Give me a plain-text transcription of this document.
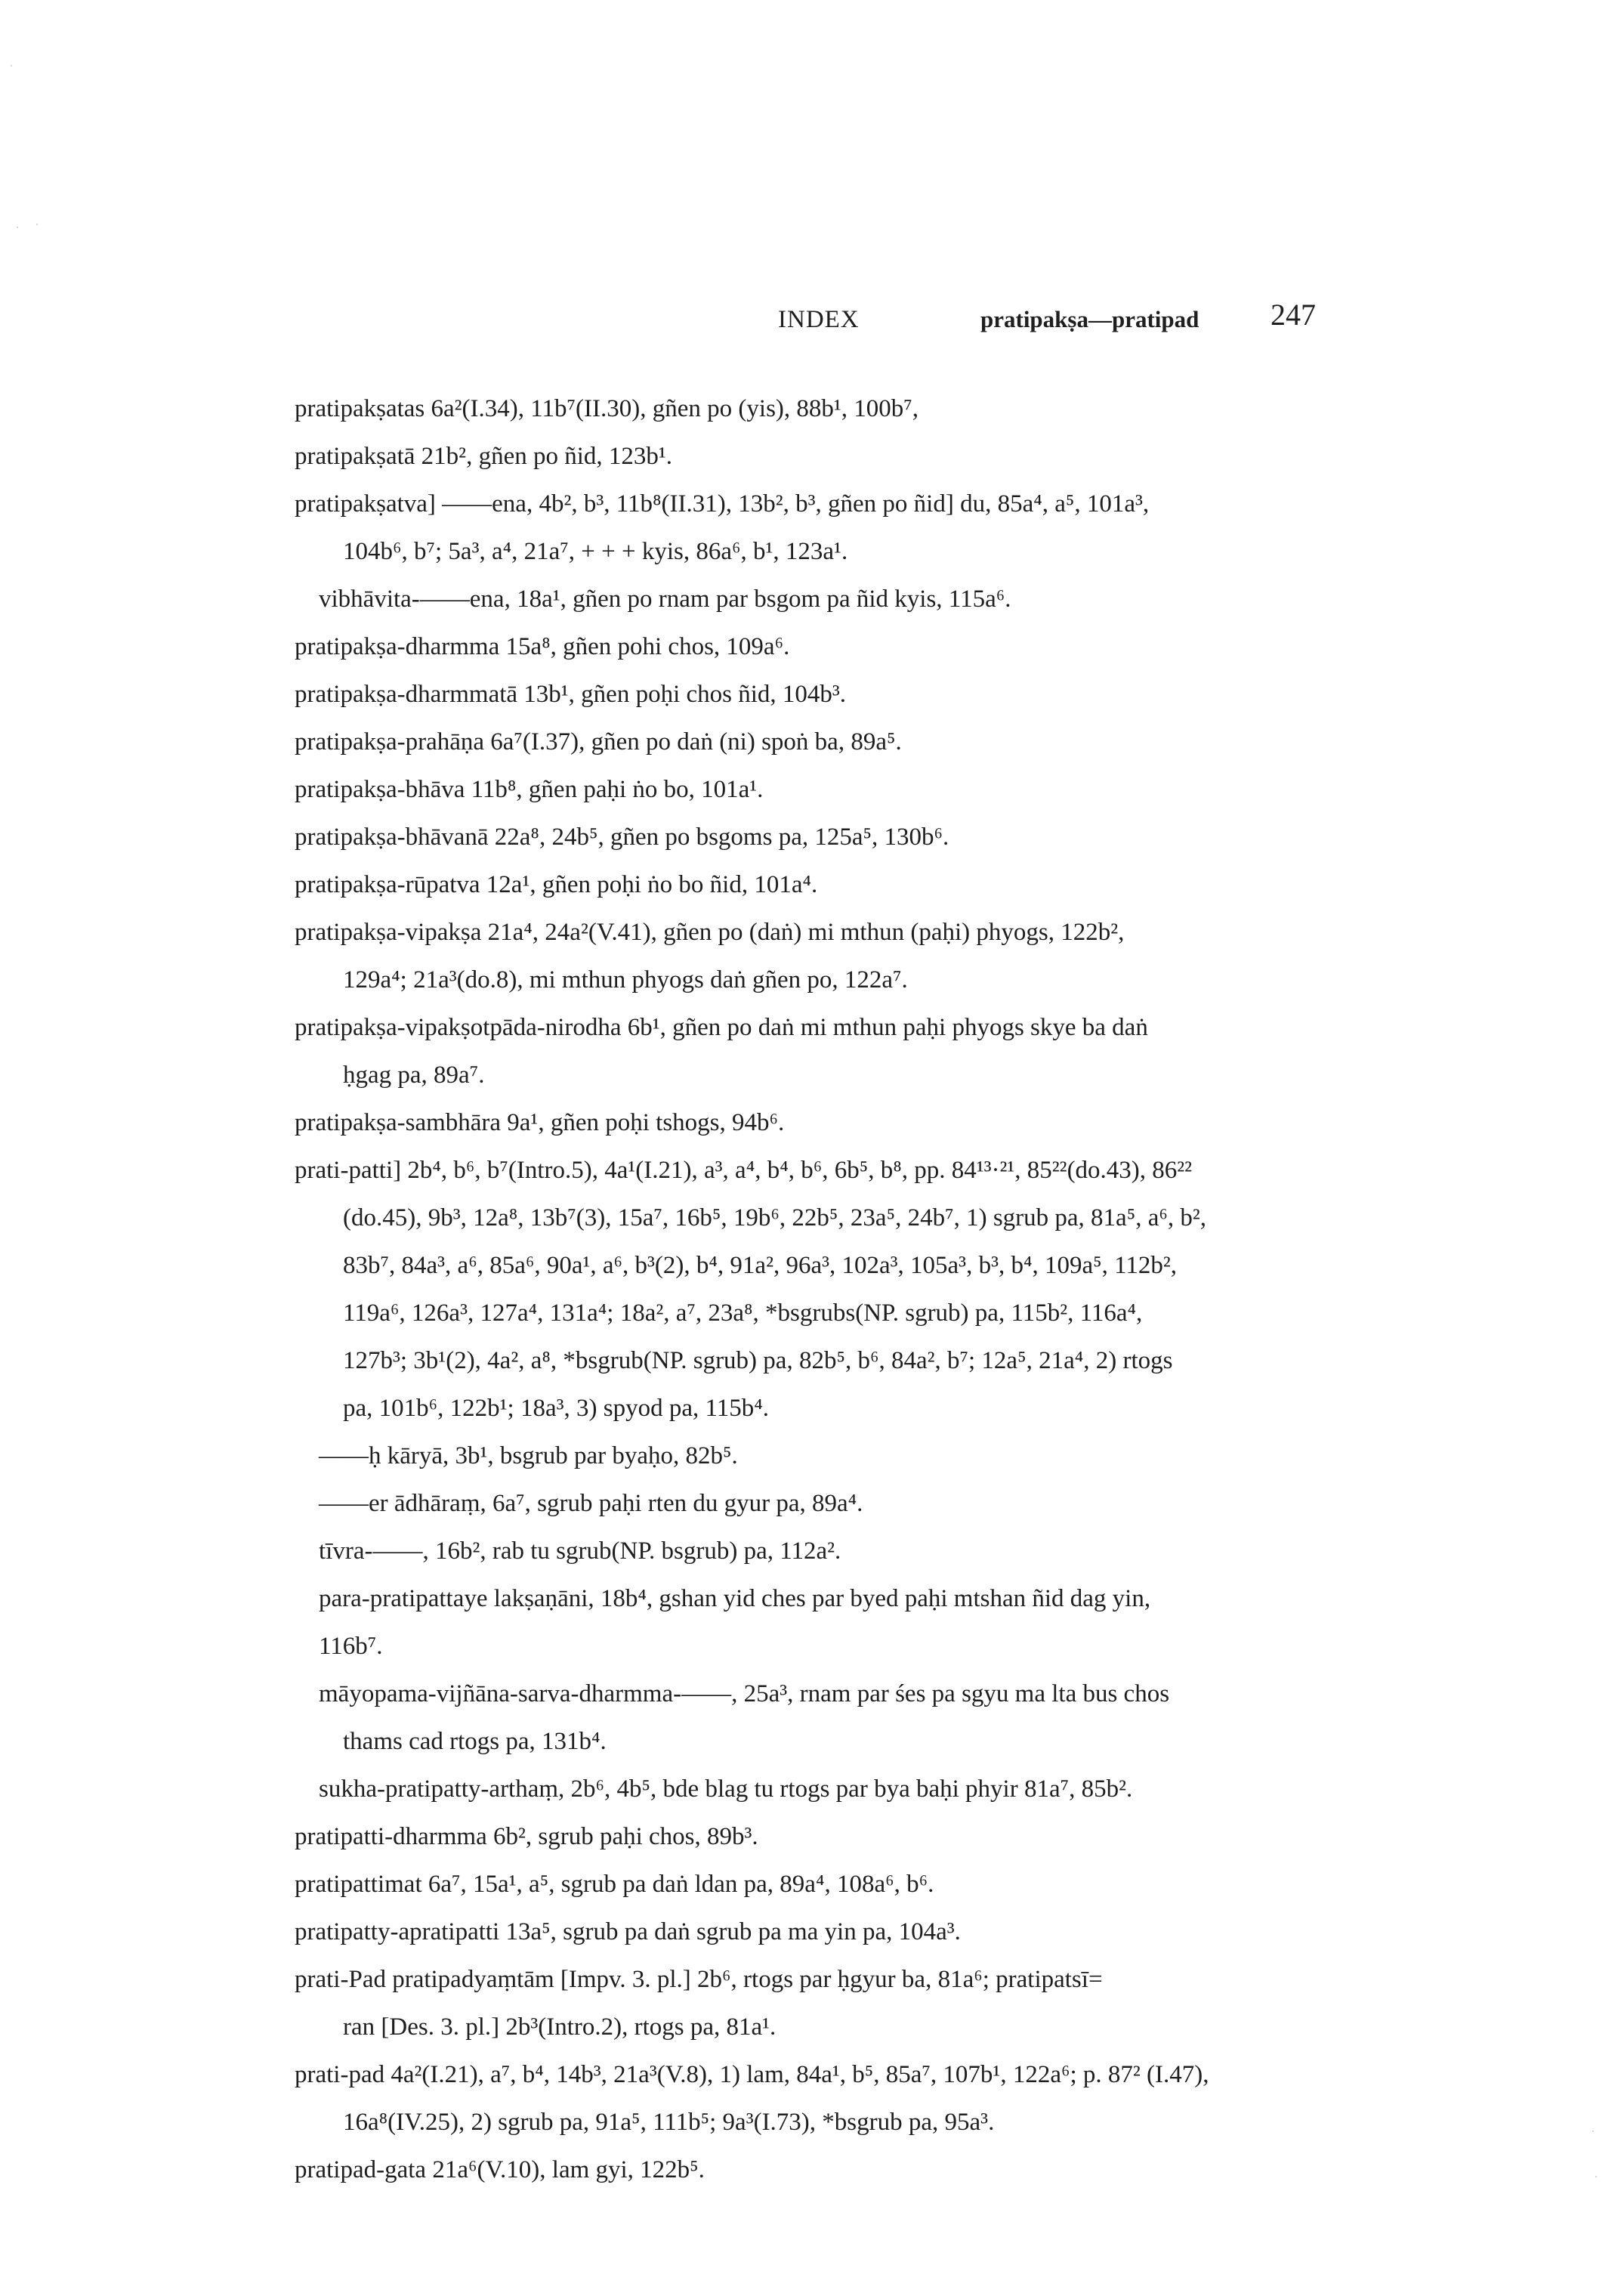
INDEX	pratipakṣa—pratipad 247
pratipakṣatas 6a²(I.34), 11b⁷(II.30), gñen po (yis), 88b¹, 100b⁷,
pratipakṣatā 21b², gñen po ñid, 123b¹.
pratipakṣatva] ——ena, 4b², b³, 11b⁸(II.31), 13b², b³, gñen po ñid] du, 85a⁴, a⁵, 101a³,
104b⁶, b⁷; 5a³, a⁴, 21a⁷, + + + kyis, 86a⁶, b¹, 123a¹.
vibhāvita-——ena, 18a¹, gñen po rnam par bsgom pa ñid kyis, 115a⁶.
pratipakṣa-dharmma 15a⁸, gñen pohi chos, 109a⁶.
pratipakṣa-dharmmatā 13b¹, gñen poḥi chos ñid, 104b³.
pratipakṣa-prahāṇa 6a⁷(I.37), gñen po daṅ (ni) spoṅ ba, 89a⁵.
pratipakṣa-bhāva 11b⁸, gñen paḥi ṅo bo, 101a¹.
pratipakṣa-bhāvanā 22a⁸, 24b⁵, gñen po bsgoms pa, 125a⁵, 130b⁶.
pratipakṣa-rūpatva 12a¹, gñen poḥi ṅo bo ñid, 101a⁴.
pratipakṣa-vipakṣa 21a⁴, 24a²(V.41), gñen po (daṅ) mi mthun (paḥi) phyogs, 122b²,
129a⁴; 21a³(do.8), mi mthun phyogs daṅ gñen po, 122a⁷.
pratipakṣa-vipakṣotpāda-nirodha 6b¹, gñen po daṅ mi mthun paḥi phyogs skye ba daṅ
ḥgag pa, 89a⁷.
pratipakṣa-sambhāra 9a¹, gñen poḥi tshogs, 94b⁶.
prati-patti] 2b⁴, b⁶, b⁷(Intro.5), 4a¹(I.21), a³, a⁴, b⁴, b⁶, 6b⁵, b⁸, pp. 84¹³·²¹, 85²²(do.43), 86²²
(do.45), 9b³, 12a⁸, 13b⁷(3), 15a⁷, 16b⁵, 19b⁶, 22b⁵, 23a⁵, 24b⁷, 1) sgrub pa, 81a⁵, a⁶, b²,
83b⁷, 84a³, a⁶, 85a⁶, 90a¹, a⁶, b³(2), b⁴, 91a², 96a³, 102a³, 105a³, b³, b⁴, 109a⁵, 112b²,
119a⁶, 126a³, 127a⁴, 131a⁴; 18a², a⁷, 23a⁸, *bsgrubs(NP. sgrub) pa, 115b², 116a⁴,
127b³; 3b¹(2), 4a², a⁸, *bsgrub(NP. sgrub) pa, 82b⁵, b⁶, 84a², b⁷; 12a⁵, 21a⁴, 2) rtogs
pa, 101b⁶, 122b¹; 18a³, 3) spyod pa, 115b⁴.
——ḥ kāryā, 3b¹, bsgrub par byaḥo, 82b⁵.
——er ādhāraṃ, 6a⁷, sgrub paḥi rten du gyur pa, 89a⁴.
tīvra-——, 16b², rab tu sgrub(NP. bsgrub) pa, 112a².
para-pratipattaye lakṣaṇāni, 18b⁴, gshan yid ches par byed paḥi mtshan ñid dag yin,
116b⁷.
māyopama-vijñāna-sarva-dharmma-——, 25a³, rnam par śes pa sgyu ma lta bus chos
thams cad rtogs pa, 131b⁴.
sukha-pratipatty-arthaṃ, 2b⁶, 4b⁵, bde blag tu rtogs par bya baḥi phyir 81a⁷, 85b².
pratipatti-dharmma 6b², sgrub paḥi chos, 89b³.
pratipattimat 6a⁷, 15a¹, a⁵, sgrub pa daṅ ldan pa, 89a⁴, 108a⁶, b⁶.
pratipatty-apratipatti 13a⁵, sgrub pa daṅ sgrub pa ma yin pa, 104a³.
prati-Pad pratipadyaṃtām [Impv. 3. pl.] 2b⁶, rtogs par ḥgyur ba, 81a⁶; pratipatsī=
ran [Des. 3. pl.] 2b³(Intro.2), rtogs pa, 81a¹.
prati-pad 4a²(I.21), a⁷, b⁴, 14b³, 21a³(V.8), 1) lam, 84a¹, b⁵, 85a⁷, 107b¹, 122a⁶; p. 87² (I.47),
16a⁸(IV.25), 2) sgrub pa, 91a⁵, 111b⁵; 9a³(I.73), *bsgrub pa, 95a³.
pratipad-gata 21a⁶(V.10), lam gyi, 122b⁵.
